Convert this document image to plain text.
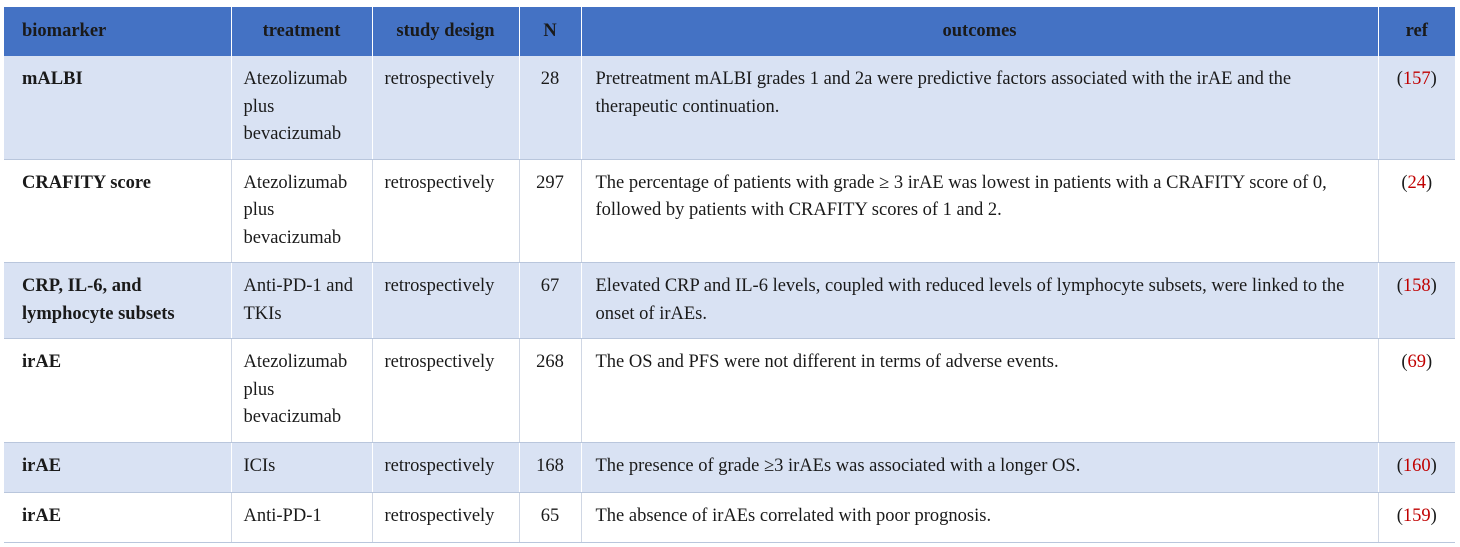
biomarker	treatment	study design	N	outcomes	ref
mALBI	Atezolizumab plus bevacizumab	retrospectively	28	Pretreatment mALBI grades 1 and 2a were predictive factors associated with the irAE and the therapeutic continuation.	(157)
CRAFITY score	Atezolizumab plus bevacizumab	retrospectively	297	The percentage of patients with grade ≥ 3 irAE was lowest in patients with a CRAFITY score of 0, followed by patients with CRAFITY scores of 1 and 2.	(24)
CRP, IL-6, and lymphocyte subsets	Anti-PD-1 and TKIs	retrospectively	67	Elevated CRP and IL-6 levels, coupled with reduced levels of lymphocyte subsets, were linked to the onset of irAEs.	(158)
irAE	Atezolizumab plus bevacizumab	retrospectively	268	The OS and PFS were not different in terms of adverse events.	(69)
irAE	ICIs	retrospectively	168	The presence of grade ≥3 irAEs was associated with a longer OS.	(160)
irAE	Anti-PD-1	retrospectively	65	The absence of irAEs correlated with poor prognosis.	(159)
